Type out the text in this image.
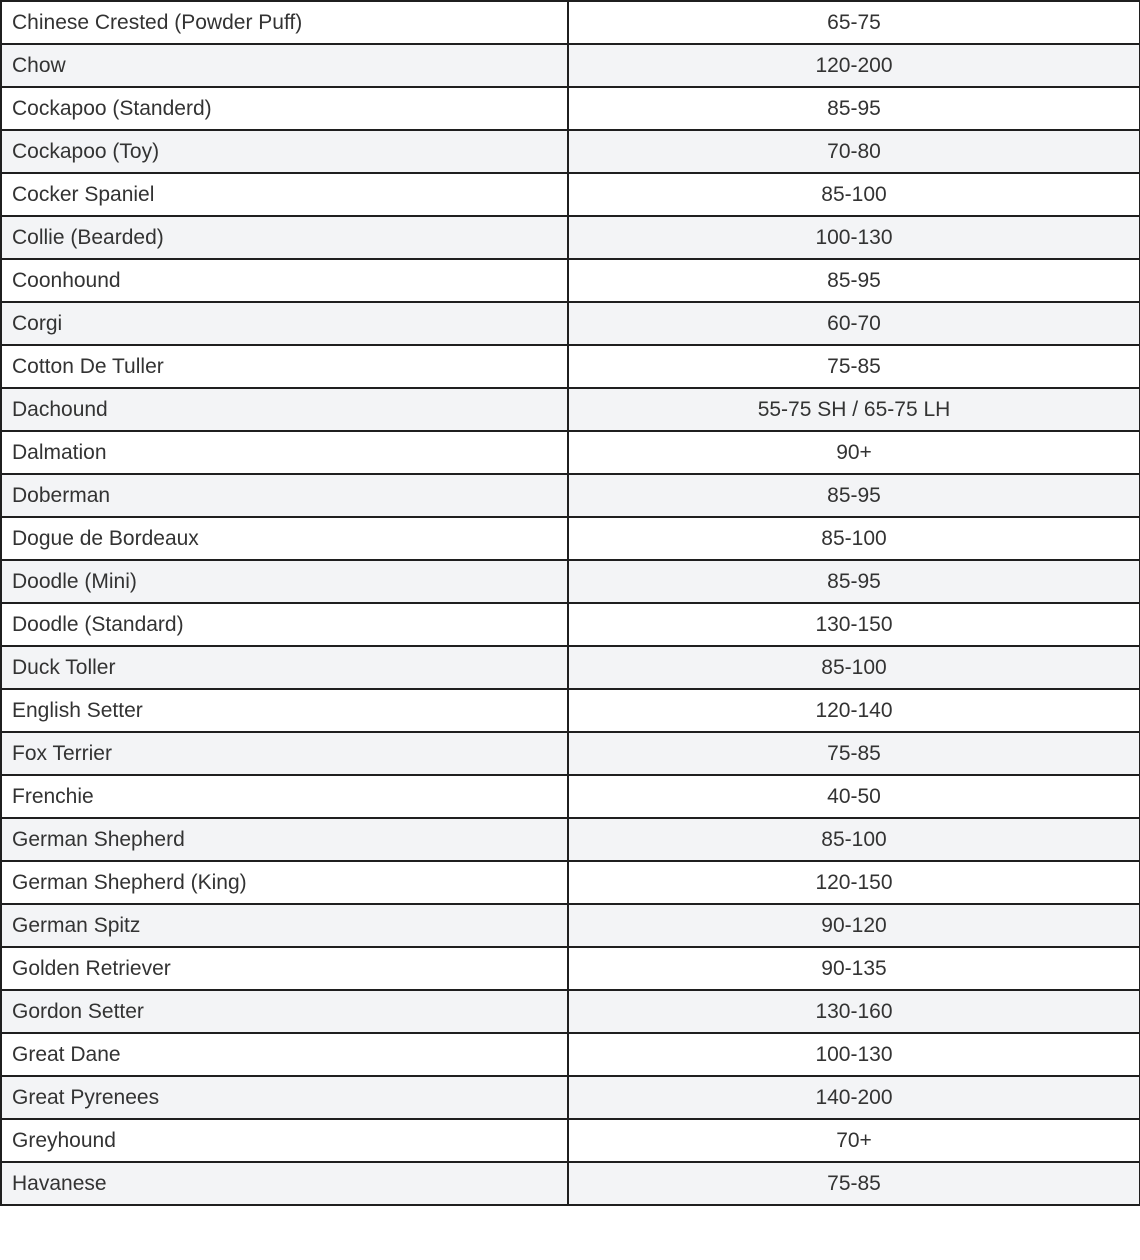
Chinese Crested (Powder Puff)	65-75
Chow	120-200
Cockapoo (Standerd)	85-95
Cockapoo (Toy)	70-80
Cocker Spaniel	85-100
Collie (Bearded)	100-130
Coonhound	85-95
Corgi	60-70
Cotton De Tuller	75-85
Dachound	55-75 SH / 65-75 LH
Dalmation	90+
Doberman	85-95
Dogue de Bordeaux	85-100
Doodle (Mini)	85-95
Doodle (Standard)	130-150
Duck Toller	85-100
English Setter	120-140
Fox Terrier	75-85
Frenchie	40-50
German Shepherd	85-100
German Shepherd (King)	120-150
German Spitz	90-120
Golden Retriever	90-135
Gordon Setter	130-160
Great Dane	100-130
Great Pyrenees	140-200
Greyhound	70+
Havanese	75-85
